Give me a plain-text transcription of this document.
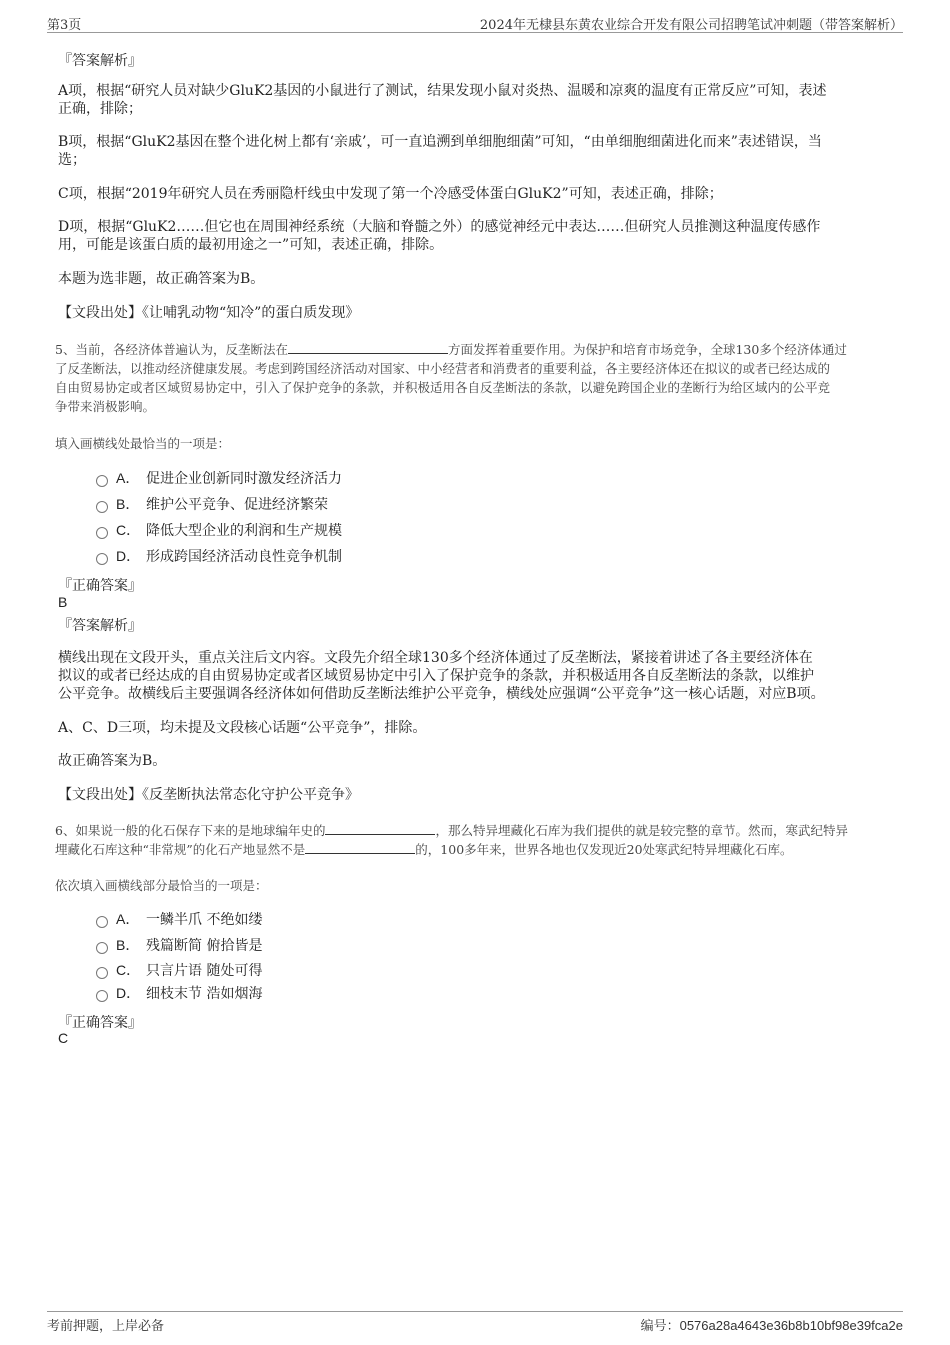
第3页	2024年无棣县东黄农业综合开发有限公司招聘笔试冲刺题（带答案解析）
『答案解析』
A项，根据“研究人员对缺少GluK2基因的小鼠进行了测试，结果发现小鼠对炎热、温暖和凉爽的温度有正常反应”可知，表述
正确，排除；
B项，根据“GluK2基因在整个进化树上都有‘亲戚’，可一直追溯到单细胞细菌”可知，“由单细胞细菌进化而来”表述错误，当
选；
C项，根据“2019年研究人员在秀丽隐杆线虫中发现了第一个冷感受体蛋白GluK2”可知，表述正确，排除；
D项，根据“GluK2……但它也在周围神经系统（大脑和脊髓之外）的感觉神经元中表达……但研究人员推测这种温度传感作
用，可能是该蛋白质的最初用途之一”可知，表述正确，排除。
本题为选非题，故正确答案为B。
【文段出处】《让哺乳动物“知冷”的蛋白质发现》
5、当前，各经济体普遍认为，反垄断法在	方面发挥着重要作用。为保护和培育市场竞争，全球130多个经济体通过
了反垄断法，以推动经济健康发展。考虑到跨国经济活动对国家、中小经营者和消费者的重要利益，各主要经济体还在拟议的或者已经达成的
自由贸易协定或者区域贸易协定中，引入了保护竞争的条款，并积极适用各自反垄断法的条款，以避免跨国企业的垄断行为给区域内的公平竞
争带来消极影响。
填入画横线处最恰当的一项是：
A． 促进企业创新同时激发经济活力
B． 维护公平竞争、促进经济繁荣
C． 降低大型企业的利润和生产规模
D． 形成跨国经济活动良性竞争机制
『正确答案』
B
『答案解析』
横线出现在文段开头，重点关注后文内容。文段先介绍全球130多个经济体通过了反垄断法，紧接着讲述了各主要经济体在
拟议的或者已经达成的自由贸易协定或者区域贸易协定中引入了保护竞争的条款，并积极适用各自反垄断法的条款，以维护
公平竞争。故横线后主要强调各经济体如何借助反垄断法维护公平竞争，横线处应强调“公平竞争”这一核心话题，对应B项。
A、C、D三项，均未提及文段核心话题“公平竞争”，排除。
故正确答案为B。
【文段出处】《反垄断执法常态化守护公平竞争》
6、如果说一般的化石保存下来的是地球编年史的	，那么特异埋藏化石库为我们提供的就是较完整的章节。然而，寒武纪特异
埋藏化石库这种“非常规”的化石产地显然不是	的，100多年来，世界各地也仅发现近20处寒武纪特异埋藏化石库。
依次填入画横线部分最恰当的一项是：
A． 一鳞半爪 不绝如缕
B． 残篇断简 俯拾皆是
C． 只言片语 随处可得
D． 细枝末节 浩如烟海
『正确答案』
C
考前押题，上岸必备	编号：0576a28a4643e36b8b10bf98e39fca2e
